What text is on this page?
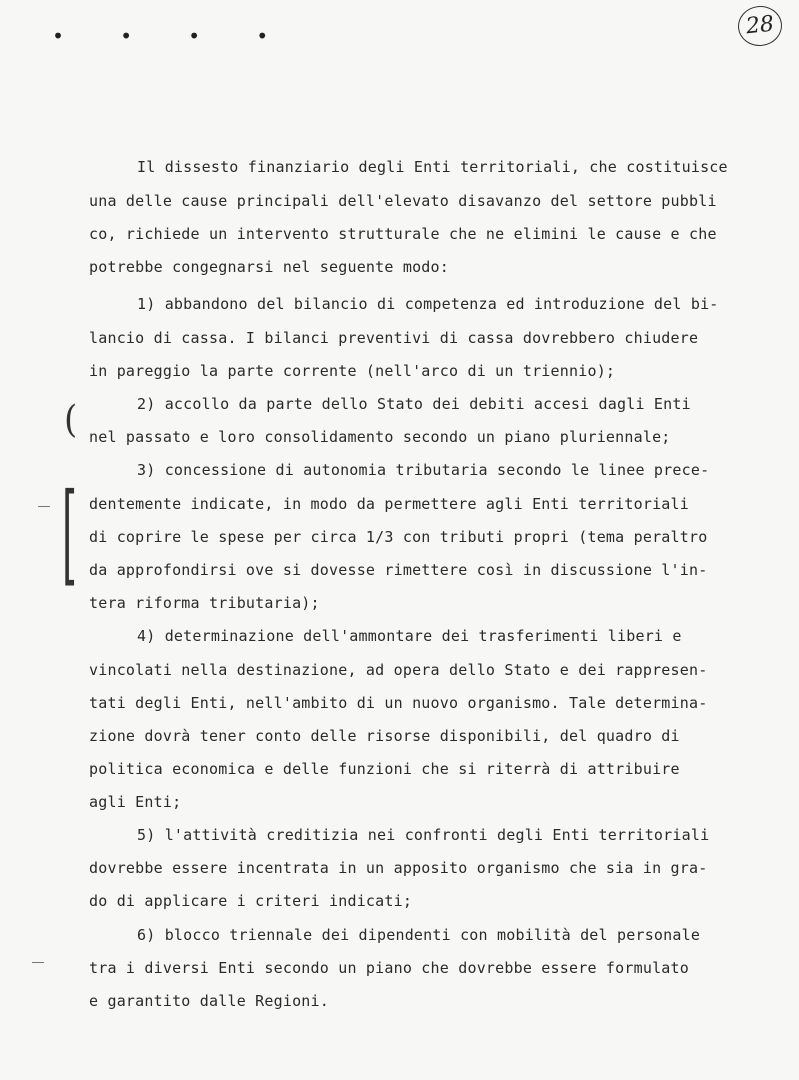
• • • •	28
(
[
Il dissesto finanziario degli Enti territoriali, che costituisce
una delle cause principali dell'elevato disavanzo del settore pubbli
co, richiede un intervento strutturale che ne elimini le cause e che
potrebbe congegnarsi nel seguente modo:
1) abbandono del bilancio di competenza ed introduzione del bi-
lancio di cassa. I bilanci preventivi di cassa dovrebbero chiudere
in pareggio la parte corrente (nell'arco di un triennio);
2) accollo da parte dello Stato dei debiti accesi dagli Enti
nel passato e loro consolidamento secondo un piano pluriennale;
3) concessione di autonomia tributaria secondo le linee prece-
dentemente indicate, in modo da permettere agli Enti territoriali
di coprire le spese per circa 1/3 con tributi propri (tema peraltro
da approfondirsi ove si dovesse rimettere così in discussione l'in-
tera riforma tributaria);
4) determinazione dell'ammontare dei trasferimenti liberi e
vincolati nella destinazione, ad opera dello Stato e dei rappresen-
tati degli Enti, nell'ambito di un nuovo organismo. Tale determina-
zione dovrà tener conto delle risorse disponibili, del quadro di
politica economica e delle funzioni che si riterrà di attribuire
agli Enti;
5) l'attività creditizia nei confronti degli Enti territoriali
dovrebbe essere incentrata in un apposito organismo che sia in gra-
do di applicare i criteri indicati;
6) blocco triennale dei dipendenti con mobilità del personale
tra i diversi Enti secondo un piano che dovrebbe essere formulato
e garantito dalle Regioni.
